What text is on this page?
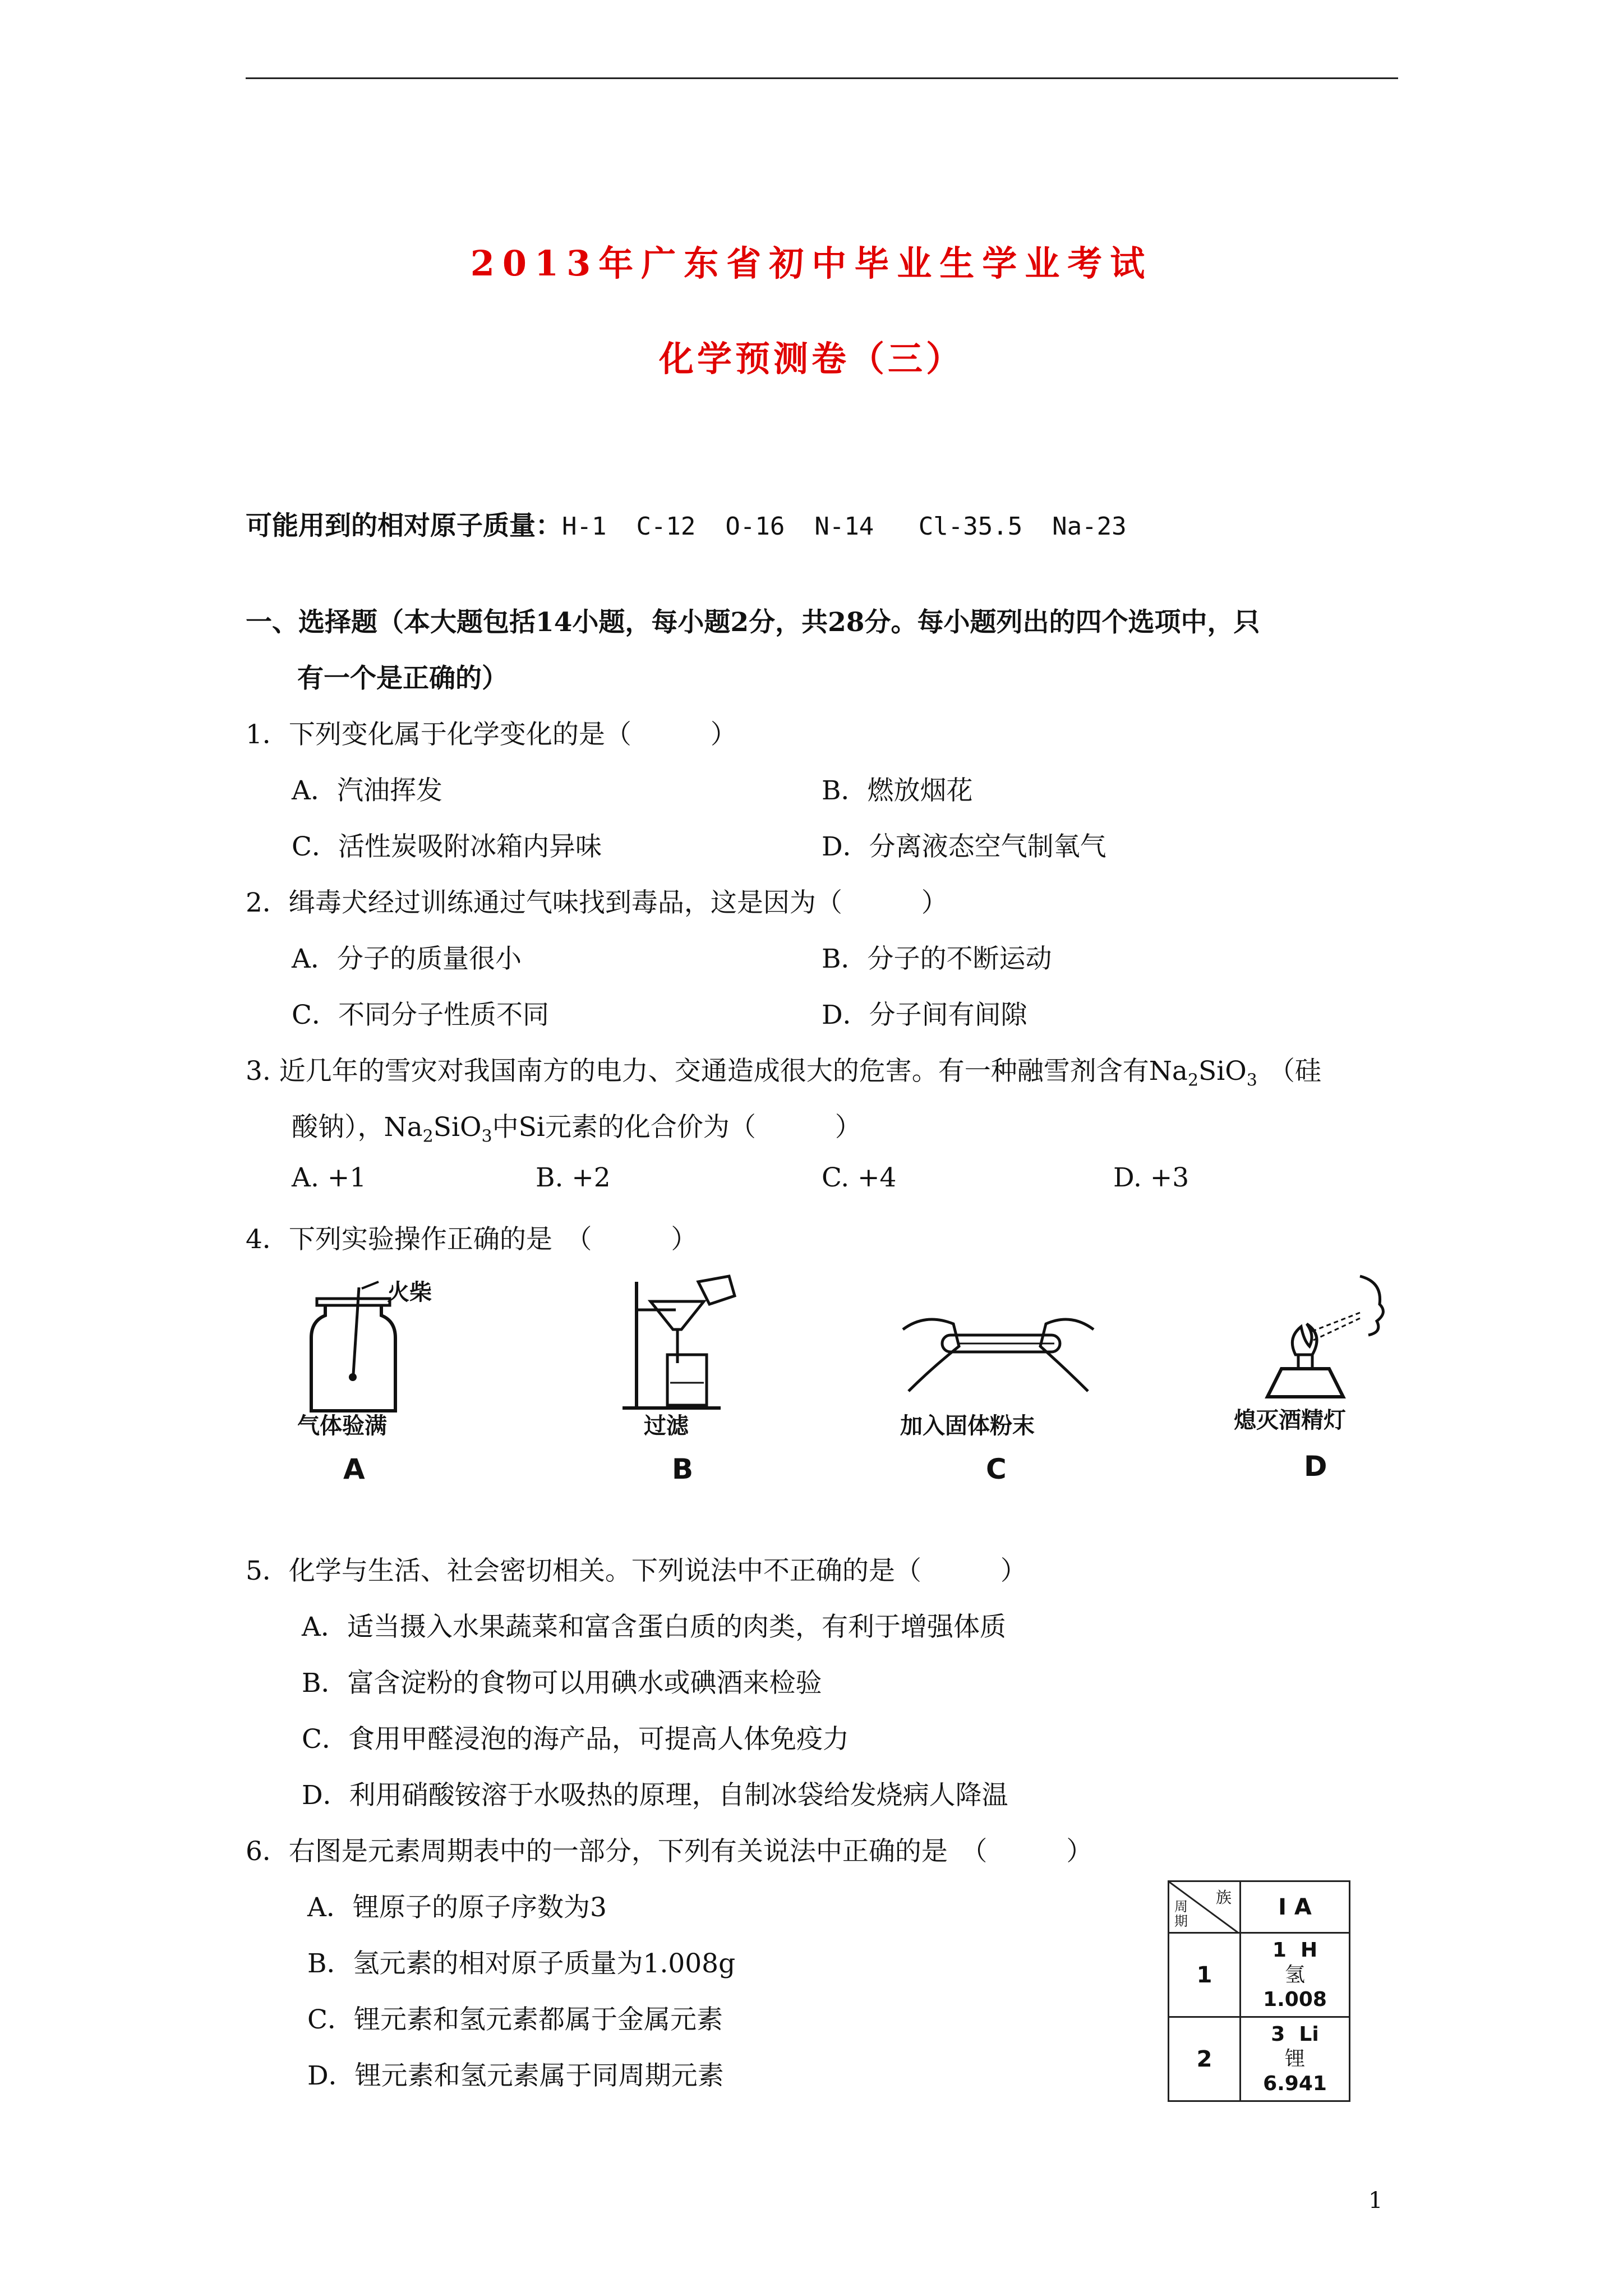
2013年广东省初中毕业生学业考试
化学预测卷（三）
可能用到的相对原子质量：H-1  C-12  O-16  N-14   Cl-35.5  Na-23
一、选择题（本大题包括14小题，每小题2分，共28分。每小题列出的四个选项中，只
有一个是正确的）
1．下列变化属于化学变化的是（　　　）
A．汽油挥发	B．燃放烟花
C．活性炭吸附冰箱内异味	D．分离液态空气制氧气
2．缉毒犬经过训练通过气味找到毒品，这是因为（　　　）
A．分子的质量很小	B．分子的不断运动
C．不同分子性质不同	D．分子间有间隙
3. 近几年的雪灾对我国南方的电力、交通造成很大的危害。有一种融雪剂含有$Na_2SiO_3$ （硅
酸钠），$Na_2SiO_3$中Si元素的化合价为（　　　）
A. +1	B. +2	C. +4	D. +3
4．下列实验操作正确的是　（　　　）
火柴
气体验满
A
过滤
B
加入固体粉末
C
熄灭酒精灯
D
5．化学与生活、社会密切相关。下列说法中不正确的是（　　　）
A．适当摄入水果蔬菜和富含蛋白质的肉类，有利于增强体质
B．富含淀粉的食物可以用碘水或碘酒来检验
C．食用甲醛浸泡的海产品，可提高人体免疫力
D．利用硝酸铵溶于水吸热的原理，自制冰袋给发烧病人降温
6．右图是元素周期表中的一部分，下列有关说法中正确的是　（　　　）
A．锂原子的原子序数为3
B．氢元素的相对原子质量为1.008g
C．锂元素和氢元素都属于金属元素
D．锂元素和氢元素属于同周期元素
族
周期	I A
1	1  H
氢
1.008

2	3  Li
锂
6.941
1
